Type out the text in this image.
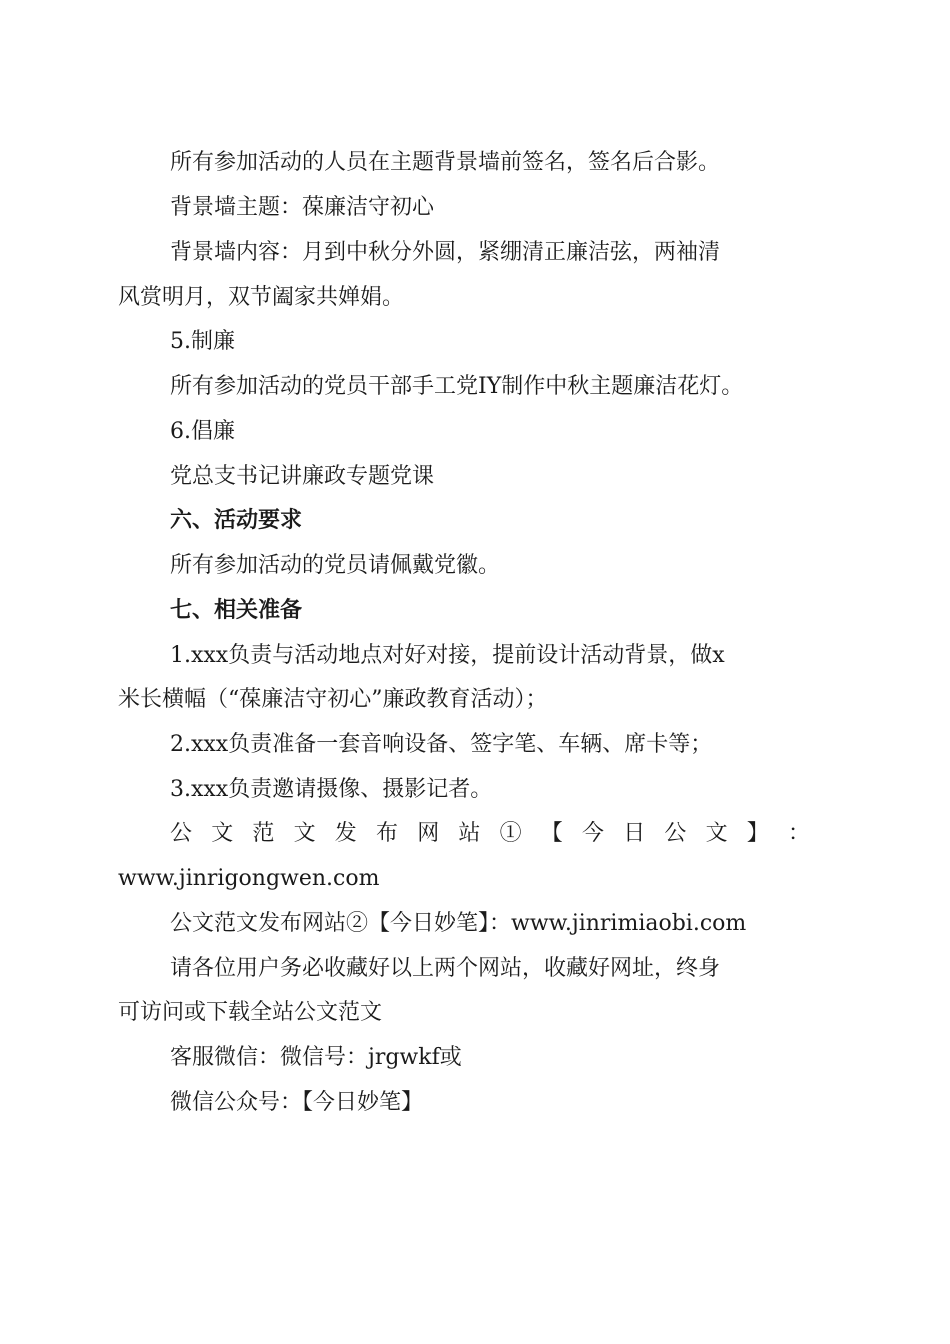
所有参加活动的人员在主题背景墙前签名，签名后合影。
背景墙主题：葆廉洁守初心
背景墙内容：月到中秋分外圆，紧绷清正廉洁弦，两袖清
风赏明月，双节阖家共婵娟。
5.制廉
所有参加活动的党员干部手工党IY制作中秋主题廉洁花灯。
6.倡廉
党总支书记讲廉政专题党课
六、活动要求
所有参加活动的党员请佩戴党徽。
七、相关准备
1.xxx负责与活动地点对好对接，提前设计活动背景，做x
米长横幅（“葆廉洁守初心”廉政教育活动）；
2.xxx负责准备一套音响设备、签字笔、车辆、席卡等；
3.xxx负责邀请摄像、摄影记者。
公 文 范 文 发 布 网 站 ① 【 今 日 公 文 】 ：
www.jinrigongwen.com
公文范文发布网站②【今日妙笔】：www.jinrimiaobi.com
请各位用户务必收藏好以上两个网站，收藏好网址，终身
可访问或下载全站公文范文
客服微信：微信号：jrgwkf或
微信公众号：【今日妙笔】
